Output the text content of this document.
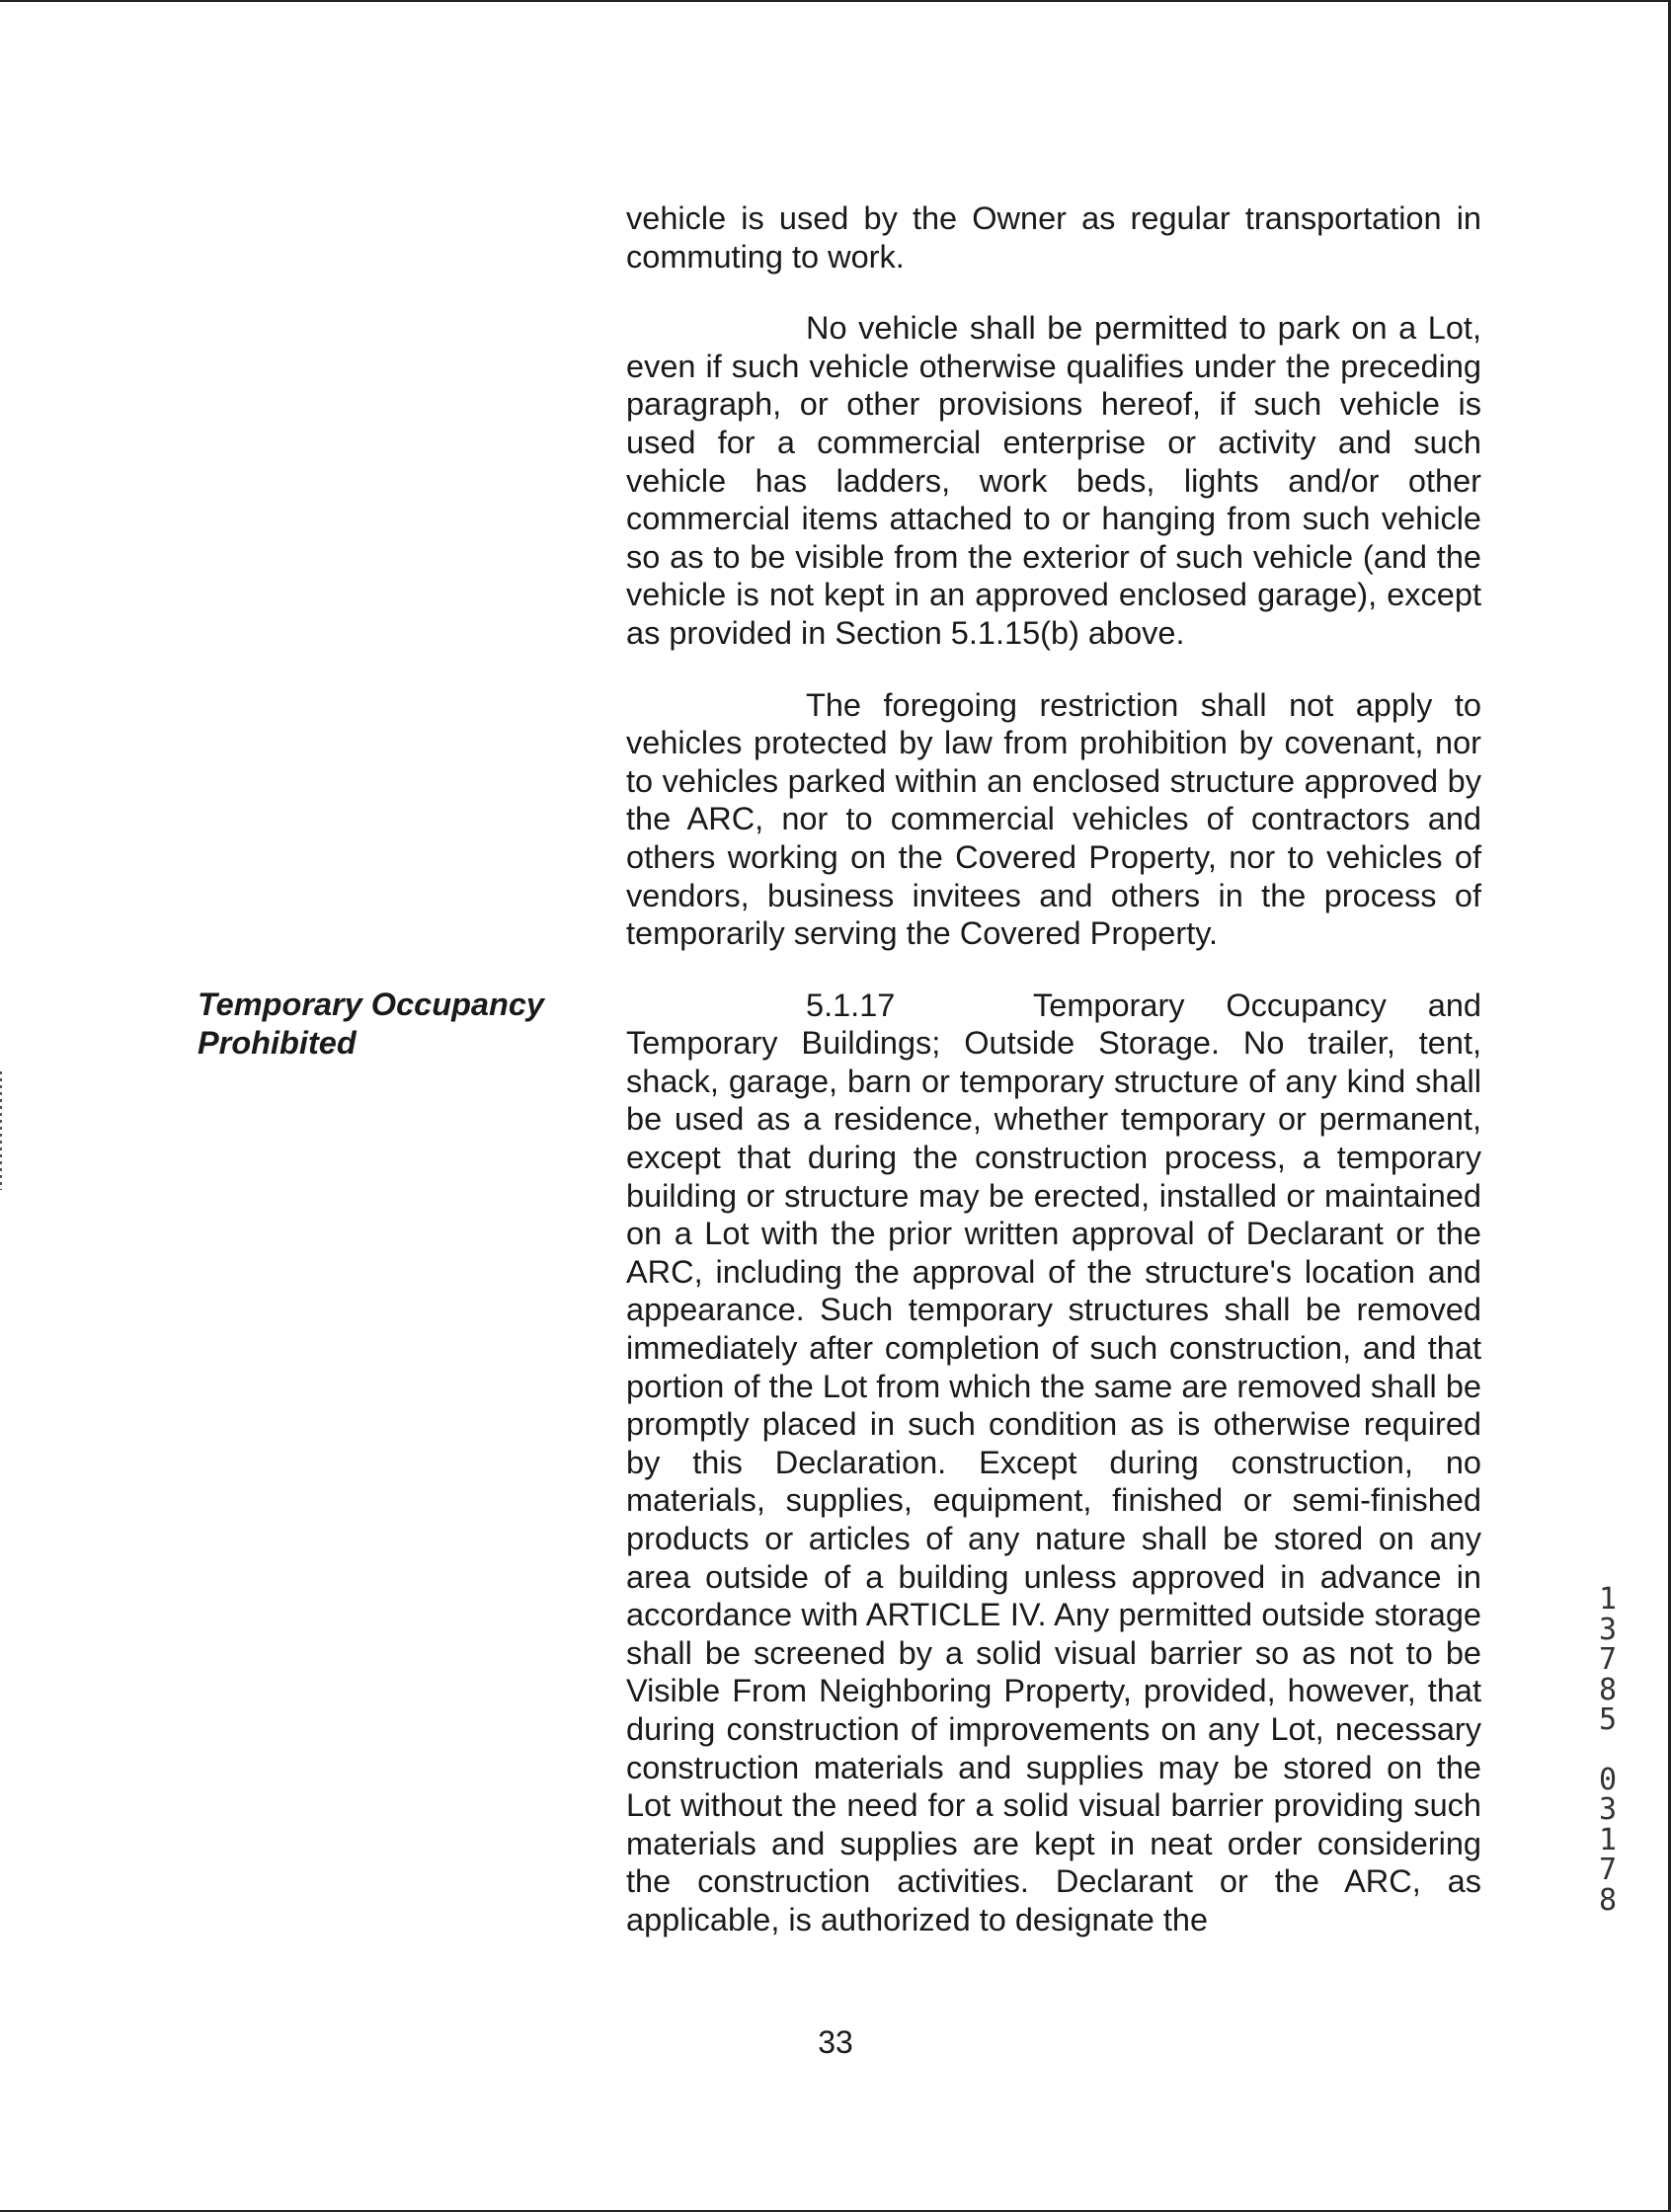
Temporary Occupancy
Prohibited

vehicle is used by the Owner as regular transportation in commuting to work.

No vehicle shall be permitted to park on a Lot, even if such vehicle otherwise qualifies under the preceding paragraph, or other provisions hereof, if such vehicle is used for a commercial enterprise or activity and such vehicle has ladders, work beds, lights and/or other commercial items attached to or hanging from such vehicle so as to be visible from the exterior of such vehicle (and the vehicle is not kept in an approved enclosed garage), except as provided in Section 5.1.15(b) above.

The foregoing restriction shall not apply to vehicles protected by law from prohibition by covenant, nor to vehicles parked within an enclosed structure approved by the ARC, nor to commercial vehicles of contractors and others working on the Covered Property, nor to vehicles of vendors, business invitees and others in the process of temporarily serving the Covered Property.

5.1.17	Temporary Occupancy and Temporary Buildings; Outside Storage. No trailer, tent, shack, garage, barn or temporary structure of any kind shall be used as a residence, whether temporary or permanent, except that during the construction process, a temporary building or structure may be erected, installed or maintained on a Lot with the prior written approval of Declarant or the ARC, including the approval of the structure's location and appearance. Such temporary structures shall be removed immediately after completion of such construction, and that portion of the Lot from which the same are removed shall be promptly placed in such condition as is otherwise required by this Declaration. Except during construction, no materials, supplies, equipment, finished or semi-finished products or articles of any nature shall be stored on any area outside of a building unless approved in advance in accordance with ARTICLE IV. Any permitted outside storage shall be screened by a solid visual barrier so as not to be Visible From Neighboring Property, provided, however, that during construction of improvements on any Lot, necessary construction materials and supplies may be stored on the Lot without the need for a solid visual barrier providing such materials and supplies are kept in neat order considering the construction activities. Declarant or the ARC, as applicable, is authorized to designate the

33
1
3
7
8
5
0
3
1
7
8
